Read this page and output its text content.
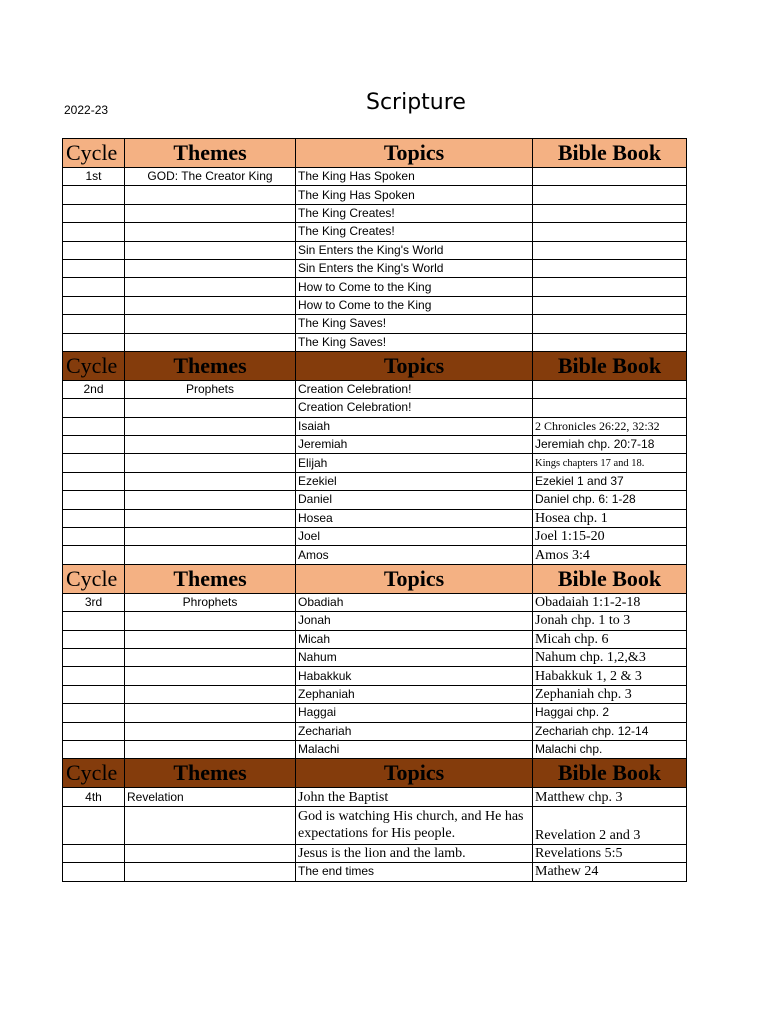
2022-23	Scripture
Cycle	Themes	Topics	Bible Book
1st	GOD: The Creator King	The King Has Spoken	
		The King Has Spoken	
		The King Creates!	
		The King Creates!	
		Sin Enters the King's World	
		Sin Enters the King's World	
		How to Come to the King	
		How to Come to the King	
		The King Saves!	
		The King Saves!	
Cycle	Themes	Topics	Bible Book
2nd	Prophets	Creation Celebration!	
		Creation Celebration!	
		Isaiah	2 Chronicles 26:22, 32:32
		Jeremiah	Jeremiah chp. 20:7-18
		Elijah	Kings chapters 17 and 18.
		Ezekiel	Ezekiel 1 and 37
		Daniel	Daniel chp. 6: 1-28
		Hosea	Hosea chp. 1
		Joel	Joel 1:15-20
		Amos	Amos 3:4
Cycle	Themes	Topics	Bible Book
3rd	Phrophets	Obadiah	Obadaiah 1:1-2-18
		Jonah	Jonah chp. 1 to 3
		Micah	Micah chp. 6
		Nahum	Nahum chp. 1,2,&3
		Habakkuk	Habakkuk 1, 2 & 3
		Zephaniah	Zephaniah chp. 3
		Haggai	Haggai chp. 2
		Zechariah	Zechariah chp. 12-14
		Malachi	Malachi chp.
Cycle	Themes	Topics	Bible Book
4th	Revelation	John the Baptist	Matthew chp. 3
		God is watching His church, and He has expectations for His people.	Revelation 2 and 3
		Jesus is the lion and the lamb.	Revelations 5:5
		The end times	Mathew 24
